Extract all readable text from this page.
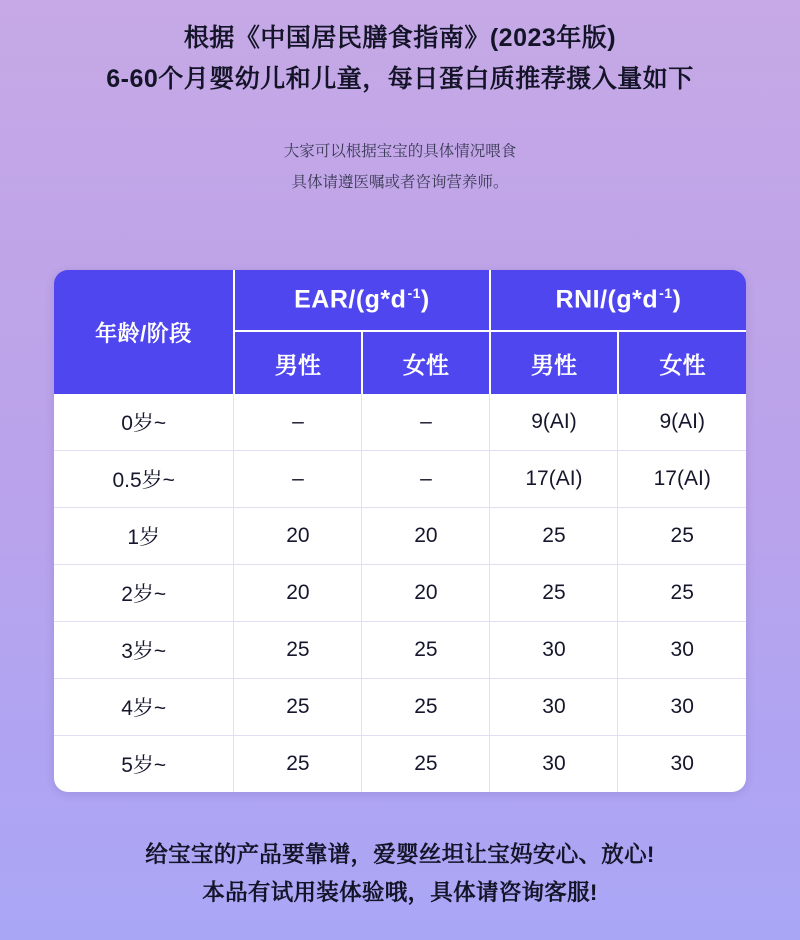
根据《中国居民膳食指南》(2023年版)
6-60个月婴幼儿和儿童，每日蛋白质推荐摄入量如下
大家可以根据宝宝的具体情况喂食
具体请遵医嘱或者咨询营养师。
年龄/阶段	EAR/$(g*d^{-1})$		RNI/$(g*d^{-1})$	
	男性	女性	男性	女性
0岁~	–	–	9(AI)	9(AI)
0.5岁~	–	–	17(AI)	17(AI)
1岁	20	20	25	25
2岁~	20	20	25	25
3岁~	25	25	30	30
4岁~	25	25	30	30
5岁~	25	25	30	30
给宝宝的产品要靠谱，爱婴丝坦让宝妈安心、放心!
本品有试用装体验哦，具体请咨询客服!
